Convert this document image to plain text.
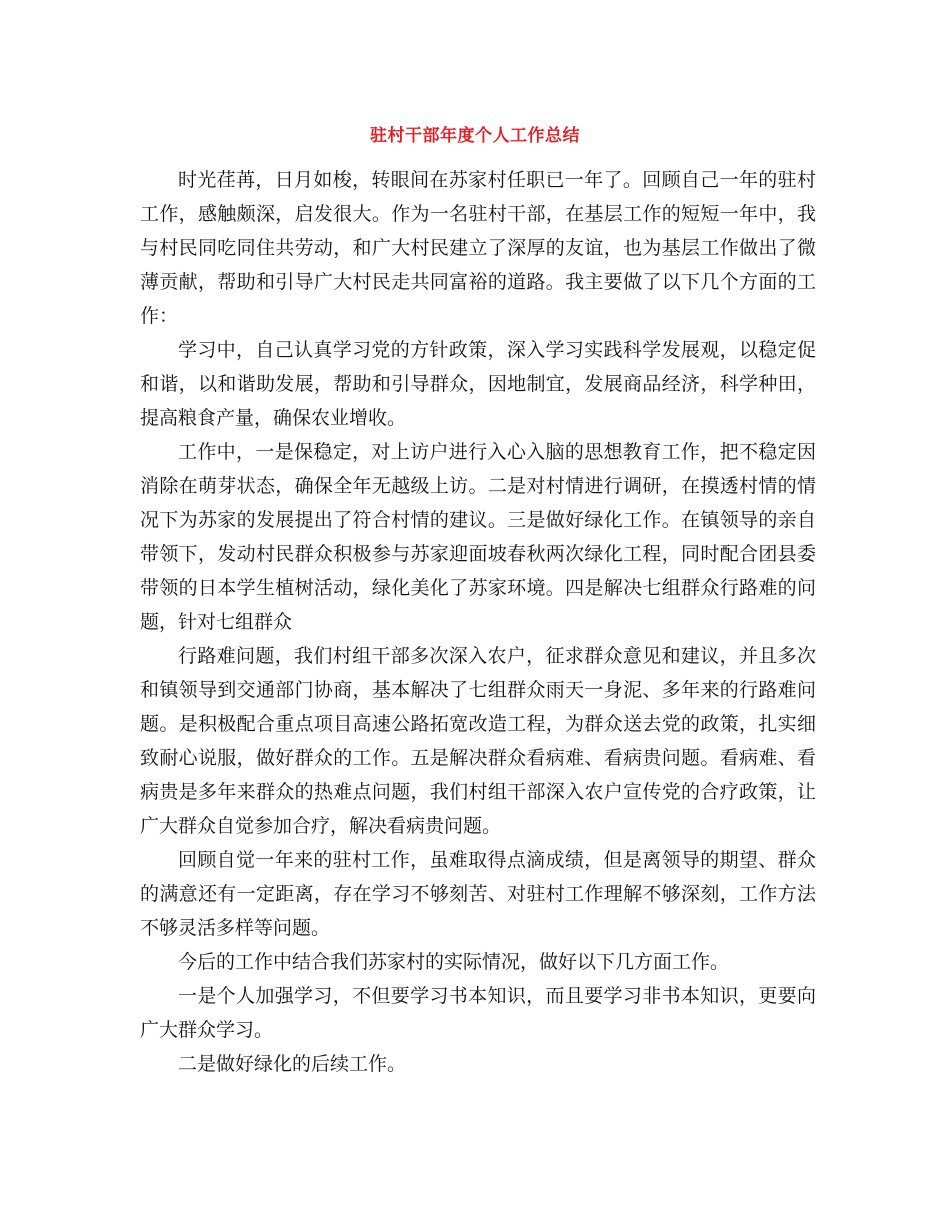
驻村干部年度个人工作总结

时光荏苒，日月如梭，转眼间在苏家村任职已一年了。回顾自己一年的驻村工作，感触颇深，启发很大。作为一名驻村干部，在基层工作的短短一年中，我与村民同吃同住共劳动，和广大村民建立了深厚的友谊，也为基层工作做出了微薄贡献，帮助和引导广大村民走共同富裕的道路。我主要做了以下几个方面的工作：

学习中，自己认真学习党的方针政策，深入学习实践科学发展观，以稳定促和谐，以和谐助发展，帮助和引导群众，因地制宜，发展商品经济，科学种田，提高粮食产量，确保农业增收。

工作中，一是保稳定，对上访户进行入心入脑的思想教育工作，把不稳定因消除在萌芽状态，确保全年无越级上访。二是对村情进行调研，在摸透村情的情况下为苏家的发展提出了符合村情的建议。三是做好绿化工作。在镇领导的亲自带领下，发动村民群众积极参与苏家迎面坡春秋两次绿化工程，同时配合团县委带领的日本学生植树活动，绿化美化了苏家环境。四是解决七组群众行路难的问题，针对七组群众

行路难问题，我们村组干部多次深入农户，征求群众意见和建议，并且多次和镇领导到交通部门协商，基本解决了七组群众雨天一身泥、多年来的行路难问题。是积极配合重点项目高速公路拓宽改造工程，为群众送去党的政策，扎实细致耐心说服，做好群众的工作。五是解决群众看病难、看病贵问题。看病难、看病贵是多年来群众的热难点问题，我们村组干部深入农户宣传党的合疗政策，让广大群众自觉参加合疗，解决看病贵问题。

回顾自觉一年来的驻村工作，虽难取得点滴成绩，但是离领导的期望、群众的满意还有一定距离，存在学习不够刻苦、对驻村工作理解不够深刻，工作方法不够灵活多样等问题。

今后的工作中结合我们苏家村的实际情况，做好以下几方面工作。

一是个人加强学习，不但要学习书本知识，而且要学习非书本知识，更要向广大群众学习。

二是做好绿化的后续工作。
